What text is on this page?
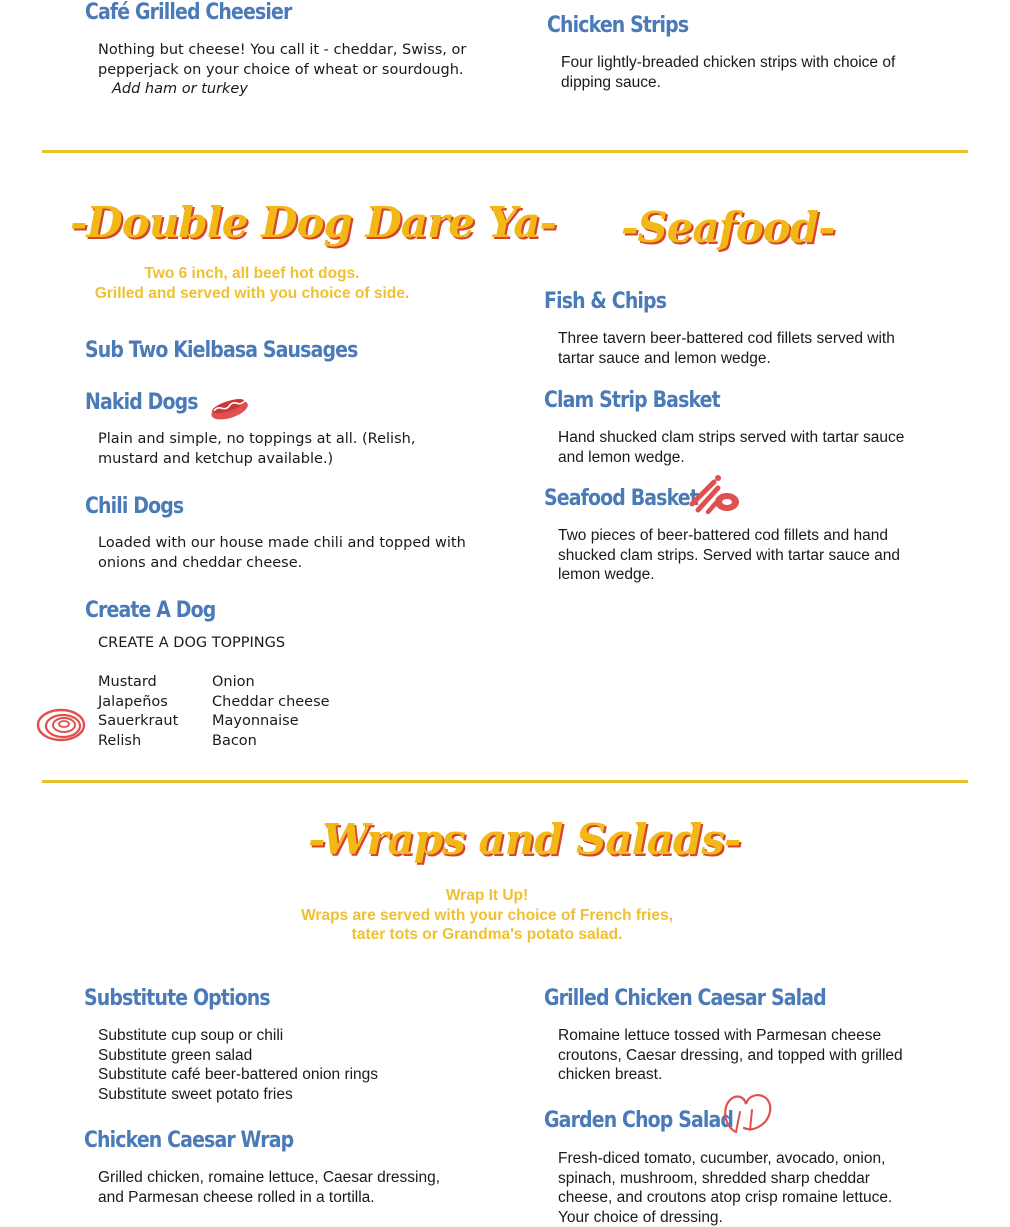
Café Grilled Cheesier
Nothing but cheese! You call it - cheddar, Swiss, or
pepperjack on your choice of wheat or sourdough.
Add ham or turkey
Chicken Strips
Four lightly-breaded chicken strips with choice of
dipping sauce.
-Double Dog Dare Ya-
Two 6 inch, all beef hot dogs.
Grilled and served with you choice of side.
Sub Two Kielbasa Sausages
Nakid Dogs
Plain and simple, no toppings at all. (Relish,
mustard and ketchup available.)
Chili Dogs
Loaded with our house made chili and topped with
onions and cheddar cheese.
Create A Dog
CREATE A DOG TOPPINGS
Mustard
Jalapeños
Sauerkraut
Relish
Onion
Cheddar cheese
Mayonnaise
Bacon
-Seafood-
Fish & Chips
Three tavern beer-battered cod fillets served with
tartar sauce and lemon wedge.
Clam Strip Basket
Hand shucked clam strips served with tartar sauce
and lemon wedge.
Seafood Basket
Two pieces of beer-battered cod fillets and hand
shucked clam strips. Served with tartar sauce and
lemon wedge.
-Wraps and Salads-
Wrap It Up!
Wraps are served with your choice of French fries,
tater tots or Grandma's potato salad.
Substitute Options
Substitute cup soup or chili
Substitute green salad
Substitute café beer-battered onion rings
Substitute sweet potato fries
Chicken Caesar Wrap
Grilled chicken, romaine lettuce, Caesar dressing,
and Parmesan cheese rolled in a tortilla.
Grilled Chicken Caesar Salad
Romaine lettuce tossed with Parmesan cheese
croutons, Caesar dressing, and topped with grilled
chicken breast.
Garden Chop Salad
Fresh-diced tomato, cucumber, avocado, onion,
spinach, mushroom, shredded sharp cheddar
cheese, and croutons atop crisp romaine lettuce.
Your choice of dressing.
